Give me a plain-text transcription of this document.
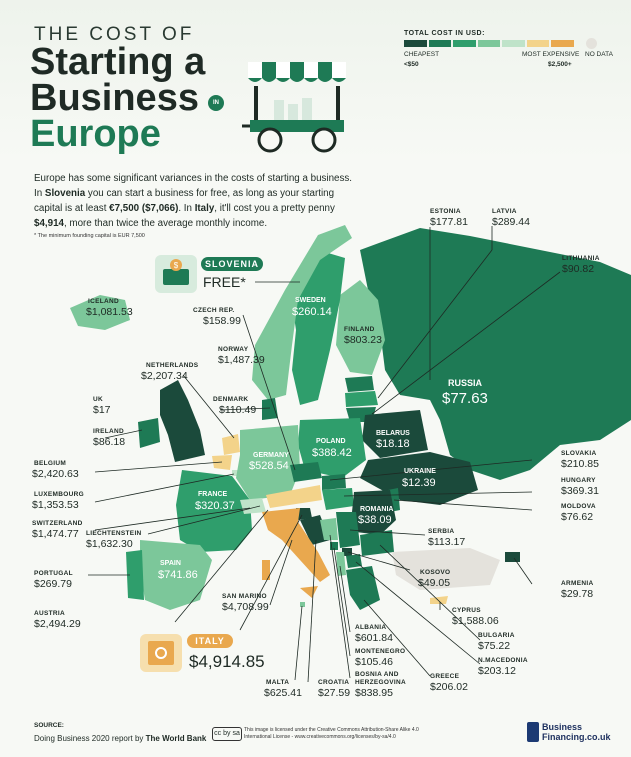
THE COST OF
Starting a
Business	IN
Europe
TOTAL COST IN USD:
CHEAPEST
<$50
MOST EXPENSIVE
$2,500+
NO DATA
Europe has some significant variances in the costs of starting a business.
In Slovenia you can start a business for free, as long as your starting
capital is at least €7,500 ($7,066). In Italy, it'll cost you a pretty penny
$4,914, more than twice the average monthly income.
* The minimum founding capital is EUR 7,500
$	SLOVENIA
FREE*
ITALY
$4,914.85
ICELAND
$1,081.53	CZECH REP.
$158.99
SWEDEN
$260.14
NORWAY
$1,487.39
FINLAND
$803.23
ESTONIA
$177.81
LATVIA
$289.44
LITHUANIA
$90.82
NETHERLANDS
$2,207.34
RUSSIA
$77.63
DENMARK
$110.49
UK
$17
IRELAND
$86.18
BELARUS
$18.18
POLAND
$388.42
GERMANY
$528.54
BELGIUM
$2,420.63
SLOVAKIA
$210.85
UKRAINE
$12.39
LUXEMBOURG
$1,353.53
HUNGARY
$369.31
FRANCE
$320.37	MOLDOVA
$76.62
ROMANIA
$38.09
SWITZERLAND
$1,474.77 LIECHTENSTEIN
$1,632.30
SERBIA
$113.17
KOSOVO
$49.05
SPAIN
$741.86
PORTUGAL
$269.79	ARMENIA
$29.78
SAN MARINO
$4,708.99	CYPRUS
$1,588.06
AUSTRIA
$2,494.29	ALBANIA
$601.84	BULGARIA
$75.22
MONTENEGRO
$105.46	N.MACEDONIA
$203.12
BOSNIA AND HERZEGOVINA
$838.95
GREECE
$206.02
MALTA
$625.41
CROATIA
$27.59
SOURCE:
Doing Business 2020 report by The World Bank
cc by sa This image is licensed under the Creative Commons Attribution-Share Alike 4.0
International License - www.creativecommons.org/licenses/by-sa/4.0
Business
Financing.co.uk
